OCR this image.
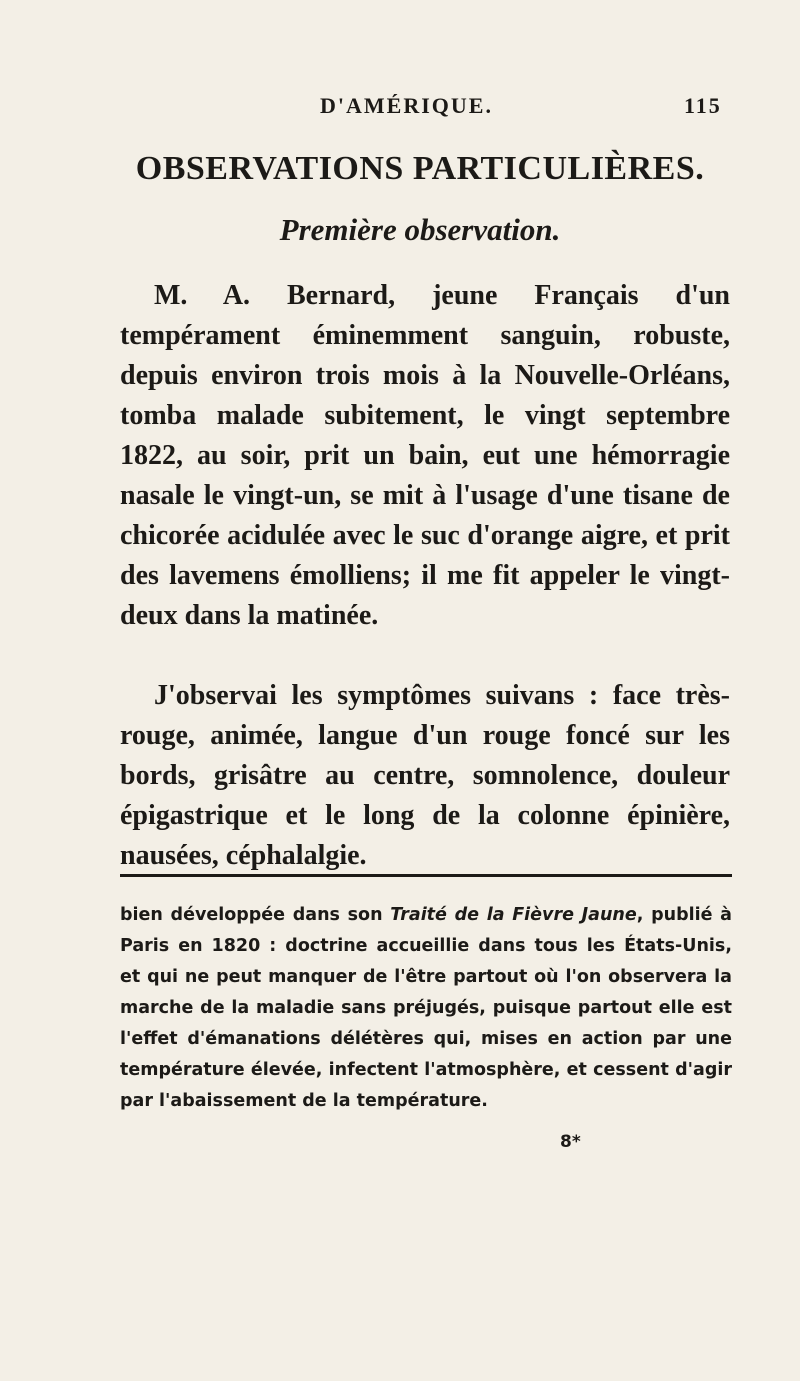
D'AMÉRIQUE.	115
OBSERVATIONS PARTICULIÈRES.
Première observation.
M. A. Bernard, jeune Français d'un tempérament éminemment sanguin, robuste, depuis environ trois mois à la Nouvelle-Orléans, tomba malade subitement, le vingt septembre 1822, au soir, prit un bain, eut une hémorragie nasale le vingt-un, se mit à l'usage d'une tisane de chicorée acidulée avec le suc d'orange aigre, et prit des lavemens émolliens; il me fit appeler le vingt-deux dans la matinée.
J'observai les symptômes suivans : face très-rouge, animée, langue d'un rouge foncé sur les bords, grisâtre au centre, somnolence, douleur épigastrique et le long de la colonne épinière, nausées, céphalalgie.
bien développée dans son Traité de la Fièvre Jaune, publié à Paris en 1820 : doctrine accueillie dans tous les États-Unis, et qui ne peut manquer de l'être partout où l'on observera la marche de la maladie sans préjugés, puisque partout elle est l'effet d'émanations délétères qui, mises en action par une température élevée, infectent l'atmosphère, et cessent d'agir par l'abaissement de la température.
8*
